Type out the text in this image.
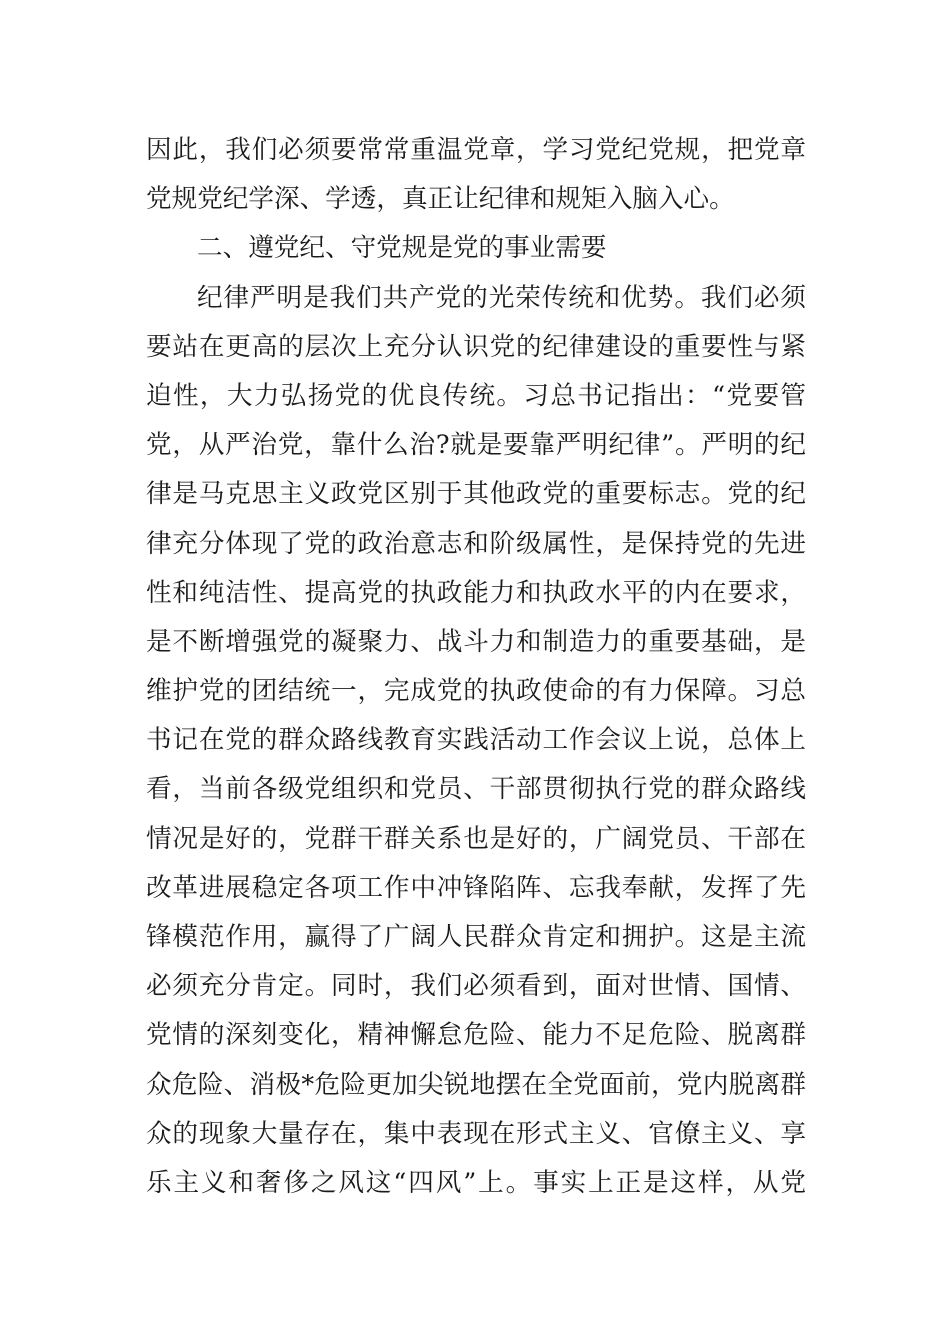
因此，我们必须要常常重温党章，学习党纪党规，把党章
党规党纪学深、学透，真正让纪律和规矩入脑入心。
二、遵党纪、守党规是党的事业需要
纪律严明是我们共产党的光荣传统和优势。我们必须
要站在更高的层次上充分认识党的纪律建设的重要性与紧
迫性，大力弘扬党的优良传统。习总书记指出：“党要管
党，从严治党，靠什么治?就是要靠严明纪律”。严明的纪
律是马克思主义政党区别于其他政党的重要标志。党的纪
律充分体现了党的政治意志和阶级属性，是保持党的先进
性和纯洁性、提高党的执政能力和执政水平的内在要求，
是不断增强党的凝聚力、战斗力和制造力的重要基础，是
维护党的团结统一，完成党的执政使命的有力保障。习总
书记在党的群众路线教育实践活动工作会议上说，总体上
看，当前各级党组织和党员、干部贯彻执行党的群众路线
情况是好的，党群干群关系也是好的，广阔党员、干部在
改革进展稳定各项工作中冲锋陷阵、忘我奉献，发挥了先
锋模范作用，赢得了广阔人民群众肯定和拥护。这是主流
必须充分肯定。同时，我们必须看到，面对世情、国情、
党情的深刻变化，精神懈怠危险、能力不足危险、脱离群
众危险、消极*危险更加尖锐地摆在全党面前，党内脱离群
众的现象大量存在，集中表现在形式主义、官僚主义、享
乐主义和奢侈之风这“四风”上。事实上正是这样，从党
